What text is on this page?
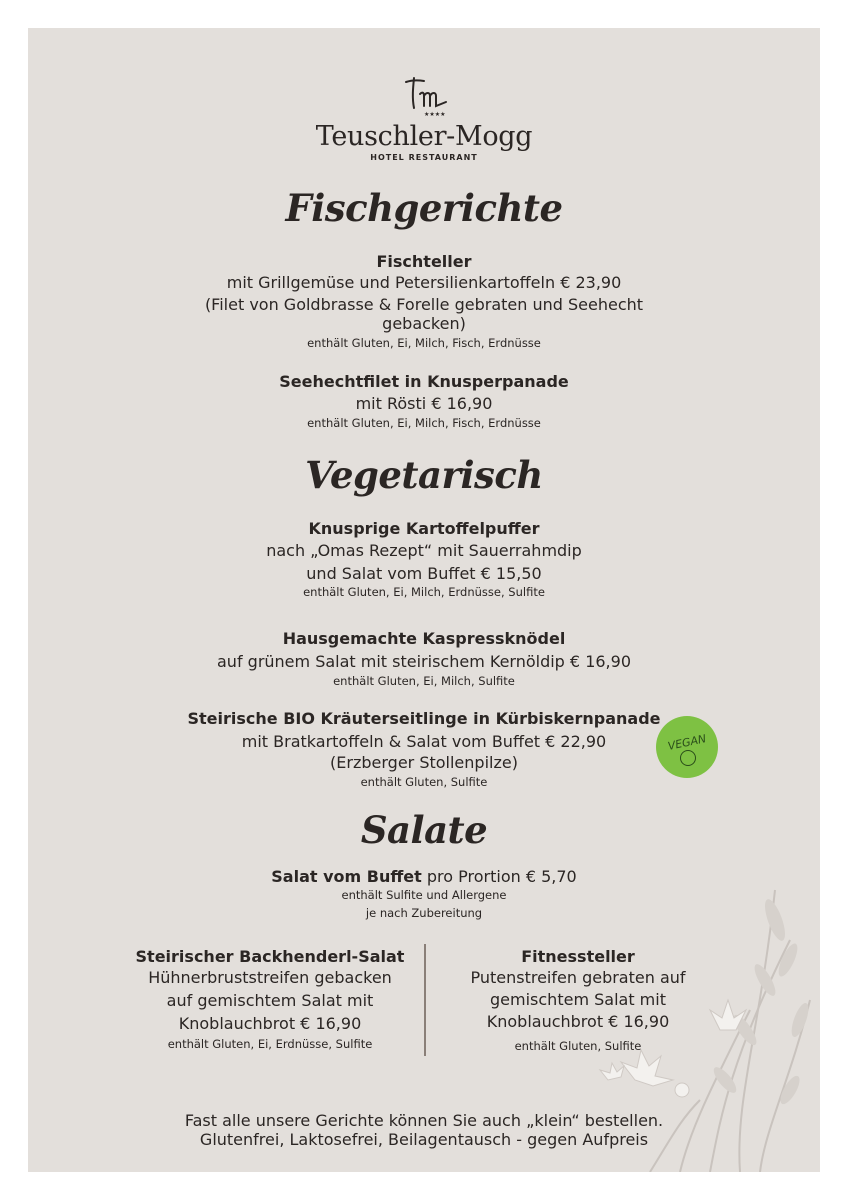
★★★★
Teuschler-Mogg
HOTEL RESTAURANT
Fischgerichte
Fischteller
mit Grillgemüse und Petersilienkartoffeln € 23,90
(Filet von Goldbrasse & Forelle gebraten und Seehecht
gebacken)
enthält Gluten, Ei, Milch, Fisch, Erdnüsse
Seehechtfilet in Knusperpanade
mit Rösti € 16,90
enthält Gluten, Ei, Milch, Fisch, Erdnüsse
Vegetarisch
Knusprige Kartoffelpuffer
nach „Omas Rezept“ mit Sauerrahmdip
und Salat vom Buffet € 15,50
enthält Gluten, Ei, Milch, Erdnüsse, Sulfite
Hausgemachte Kaspressknödel
auf grünem Salat mit steirischem Kernöldip € 16,90
enthält Gluten, Ei, Milch, Sulfite
Steirische BIO Kräuterseitlinge in Kürbiskernpanade
mit Bratkartoffeln & Salat vom Buffet € 22,90
(Erzberger Stollenpilze)
enthält Gluten, Sulfite
VEGAN
Salate
Salat vom Buffet pro Prortion € 5,70
enthält Sulfite und Allergene
je nach Zubereitung
Steirischer Backhenderl-Salat
Hühnerbruststreifen gebacken
auf gemischtem Salat mit
Knoblauchbrot € 16,90
enthält Gluten, Ei, Erdnüsse, Sulfite
Fitnessteller
Putenstreifen gebraten auf
gemischtem Salat mit
Knoblauchbrot € 16,90
enthält Gluten, Sulfite
Fast alle unsere Gerichte können Sie auch „klein“ bestellen.
Glutenfrei, Laktosefrei, Beilagentausch - gegen Aufpreis
